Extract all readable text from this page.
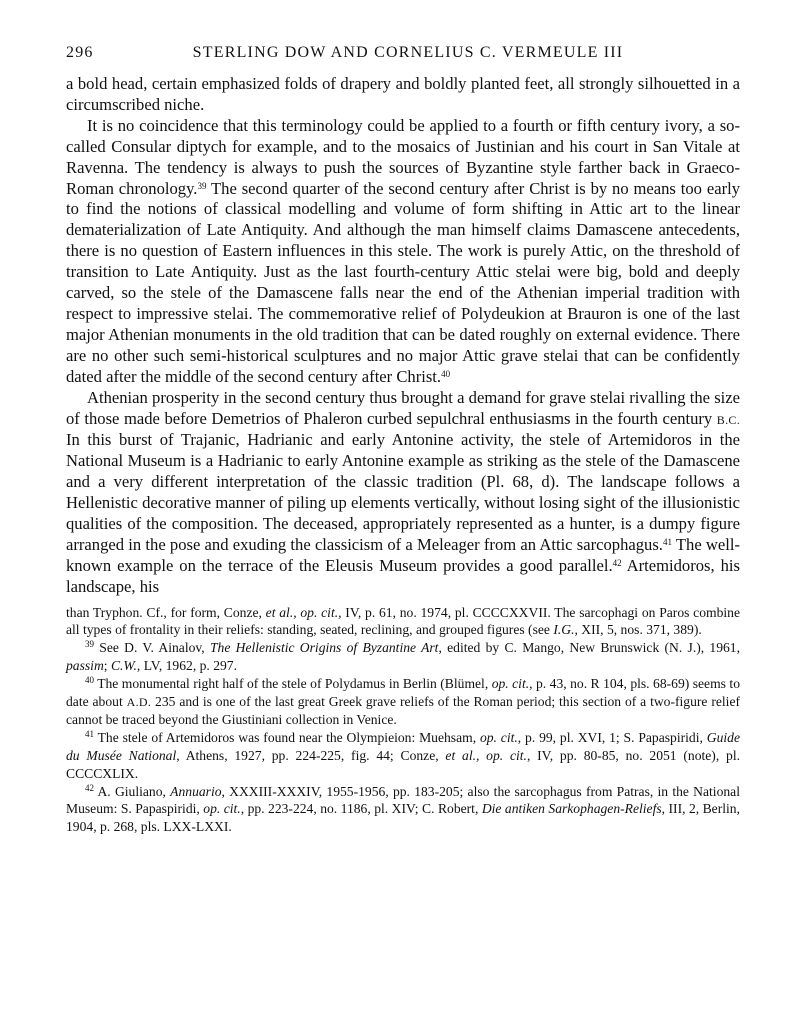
296	STERLING DOW AND CORNELIUS C. VERMEULE III

a bold head, certain emphasized folds of drapery and boldly planted feet, all strongly silhouetted in a circumscribed niche.

It is no coincidence that this terminology could be applied to a fourth or fifth century ivory, a so-called Consular diptych for example, and to the mosaics of Justinian and his court in San Vitale at Ravenna. The tendency is always to push the sources of Byzantine style farther back in Graeco-Roman chronology.$^{39}$ The second quarter of the second century after Christ is by no means too early to find the notions of classical modelling and volume of form shifting in Attic art to the linear dematerialization of Late Antiquity. And although the man himself claims Damascene antecedents, there is no question of Eastern influences in this stele. The work is purely Attic, on the threshold of transition to Late Antiquity. Just as the last fourth-century Attic stelai were big, bold and deeply carved, so the stele of the Damascene falls near the end of the Athenian imperial tradition with respect to impressive stelai. The commemorative relief of Polydeukion at Brauron is one of the last major Athenian monuments in the old tradition that can be dated roughly on external evidence. There are no other such semi-historical sculptures and no major Attic grave stelai that can be confidently dated after the middle of the second century after Christ.$^{40}$

Athenian prosperity in the second century thus brought a demand for grave stelai rivalling the size of those made before Demetrios of Phaleron curbed sepulchral enthusiasms in the fourth century B.C. In this burst of Trajanic, Hadrianic and early Antonine activity, the stele of Artemidoros in the National Museum is a Hadrianic to early Antonine example as striking as the stele of the Damascene and a very different interpretation of the classic tradition (Pl. 68, d). The landscape follows a Hellenistic decorative manner of piling up elements vertically, without losing sight of the illusionistic qualities of the composition. The deceased, appropriately represented as a hunter, is a dumpy figure arranged in the pose and exuding the classicism of a Meleager from an Attic sarcophagus.$^{41}$ The well-known example on the terrace of the Eleusis Museum provides a good parallel.$^{42}$ Artemidoros, his landscape, his

than Tryphon. Cf., for form, Conze, et al., op. cit., IV, p. 61, no. 1974, pl. CCCCXXVII. The sarcophagi on Paros combine all types of frontality in their reliefs: standing, seated, reclining, and grouped figures (see I.G., XII, 5, nos. 371, 389).

$^{39}$ See D. V. Ainalov, The Hellenistic Origins of Byzantine Art, edited by C. Mango, New Brunswick (N. J.), 1961, passim; C.W., LV, 1962, p. 297.

$^{40}$ The monumental right half of the stele of Polydamus in Berlin (Blümel, op. cit., p. 43, no. R 104, pls. 68-69) seems to date about A.D. 235 and is one of the last great Greek grave reliefs of the Roman period; this section of a two-figure relief cannot be traced beyond the Giustiniani collection in Venice.

$^{41}$ The stele of Artemidoros was found near the Olympieion: Muehsam, op. cit., p. 99, pl. XVI, 1; S. Papaspiridi, Guide du Musée National, Athens, 1927, pp. 224-225, fig. 44; Conze, et al., op. cit., IV, pp. 80-85, no. 2051 (note), pl. CCCCXLIX.

$^{42}$ A. Giuliano, Annuario, XXXIII-XXXIV, 1955-1956, pp. 183-205; also the sarcophagus from Patras, in the National Museum: S. Papaspiridi, op. cit., pp. 223-224, no. 1186, pl. XIV; C. Robert, Die antiken Sarkophagen-Reliefs, III, 2, Berlin, 1904, p. 268, pls. LXX-LXXI.
